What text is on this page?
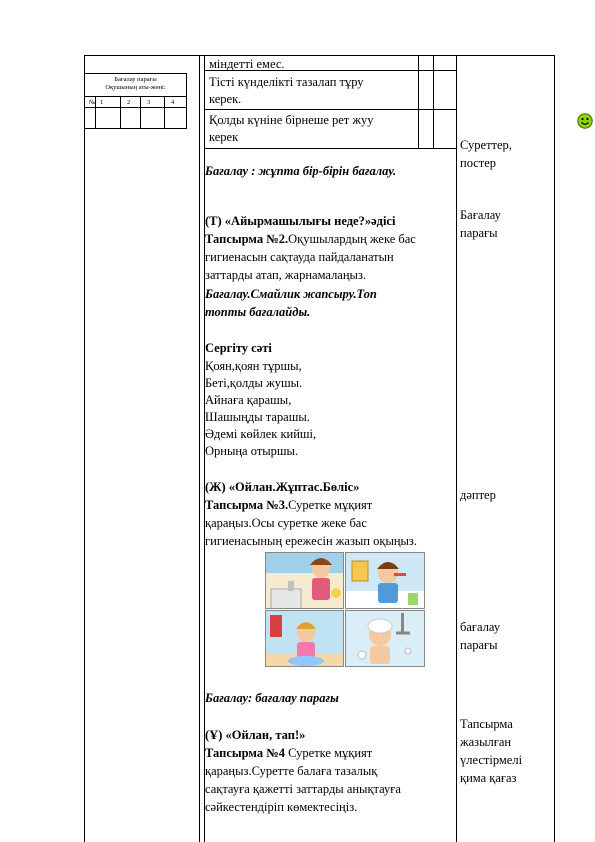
Бағалау парағы
Оқушының аты-жөні:
№ 1	2	3	4
міндетті емес.
Тісті күнделікті тазалап тұру
керек.
Қолды күніне бірнеше рет жуу
керек
Бағалау : жұпта бір-бірін бағалау.
(Т) «Айырмашылығы неде?»әдісі
Тапсырма №2.Оқушылардың жеке бас
гигиенасын сақтауда пайдаланатын
заттарды атап, жарнамалаңыз.
Бағалау.Смайлик жапсыру.Топ
топты бағалайды.
Сергіту сәті
Қоян,қоян тұршы,
Беті,қолды жушы.
Айнаға қарашы,
Шашыңды тарашы.
Әдемі көйлек кийші,
Орныңа отыршы.
(Ж) «Ойлан.Жұптас.Бөліс»
Тапсырма №3.Суретке мұқият
қараңыз.Осы суретке жеке бас
гигиенасының ережесін жазып оқыңыз.
Бағалау: бағалау парағы
(Ұ) «Ойлан, тап!»
Тапсырма №4 Суретке мұқият
қараңыз.Суретте балаға тазалық
сақтауға қажетті заттарды анықтауға
сәйкестендіріп көмектесіңіз.
Суреттер,
постер
Бағалау
парағы
дәптер
бағалау
парағы
Тапсырма
жазылған
үлестірмелі
қима қағаз
